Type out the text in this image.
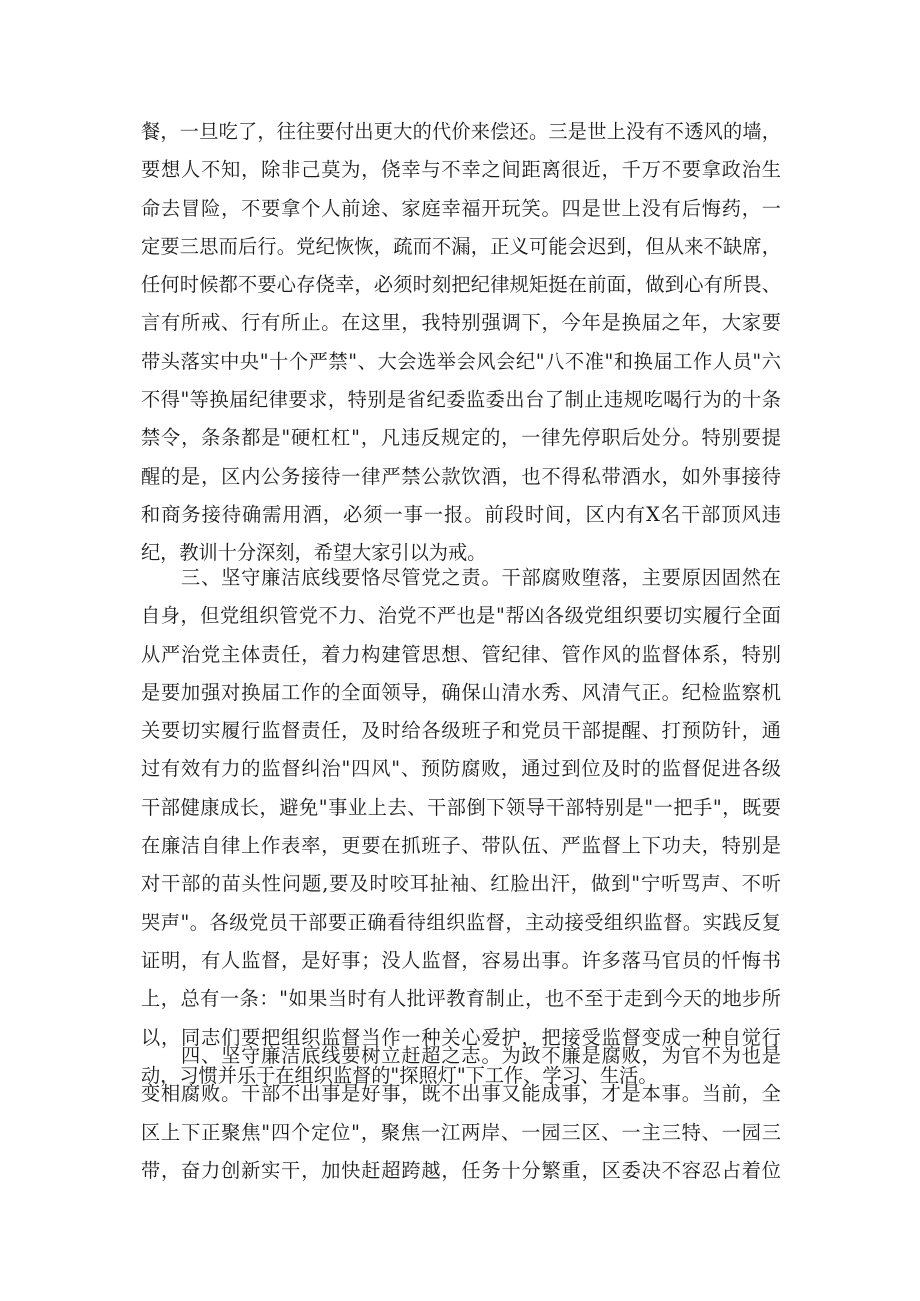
餐，一旦吃了，往往要付出更大的代价来偿还。三是世上没有不透风的墙，
要想人不知，除非己莫为，侥幸与不幸之间距离很近，千万不要拿政治生
命去冒险，不要拿个人前途、家庭幸福开玩笑。四是世上没有后悔药，一
定要三思而后行。党纪恢恢，疏而不漏，正义可能会迟到，但从来不缺席，
任何时候都不要心存侥幸，必须时刻把纪律规矩挺在前面，做到心有所畏、
言有所戒、行有所止。在这里，我特别强调下，今年是换届之年，大家要
带头落实中央"十个严禁"、大会选举会风会纪"八不准"和换届工作人员"六
不得"等换届纪律要求，特别是省纪委监委出台了制止违规吃喝行为的十条
禁令，条条都是"硬杠杠"，凡违反规定的，一律先停职后处分。特别要提
醒的是，区内公务接待一律严禁公款饮酒，也不得私带酒水，如外事接待
和商务接待确需用酒，必须一事一报。前段时间，区内有X名干部顶风违
纪，教训十分深刻，希望大家引以为戒。
　　三、坚守廉洁底线要恪尽管党之责。干部腐败堕落，主要原因固然在
自身，但党组织管党不力、治党不严也是"帮凶各级党组织要切实履行全面
从严治党主体责任，着力构建管思想、管纪律、管作风的监督体系，特别
是要加强对换届工作的全面领导，确保山清水秀、风清气正。纪检监察机
关要切实履行监督责任，及时给各级班子和党员干部提醒、打预防针，通
过有效有力的监督纠治"四风"、预防腐败，通过到位及时的监督促进各级
干部健康成长，避免"事业上去、干部倒下领导干部特别是"一把手"，既要
在廉洁自律上作表率，更要在抓班子、带队伍、严监督上下功夫，特别是
对干部的苗头性问题,要及时咬耳扯袖、红脸出汗，做到"宁听骂声、不听
哭声"。各级党员干部要正确看待组织监督，主动接受组织监督。实践反复
证明，有人监督，是好事；没人监督，容易出事。许多落马官员的忏悔书
上，总有一条："如果当时有人批评教育制止，也不至于走到今天的地步所
以，同志们要把组织监督当作一种关心爱护，把接受监督变成一种自觉行
动，习惯并乐于在组织监督的"探照灯"下工作、学习、生活。
　　四、坚守廉洁底线要树立赶超之志。为政不廉是腐败，为官不为也是
变相腐败。干部不出事是好事，既不出事又能成事，才是本事。当前，全
区上下正聚焦"四个定位"，聚焦一江两岸、一园三区、一主三特、一园三
带，奋力创新实干，加快赶超跨越，任务十分繁重，区委决不容忍占着位
